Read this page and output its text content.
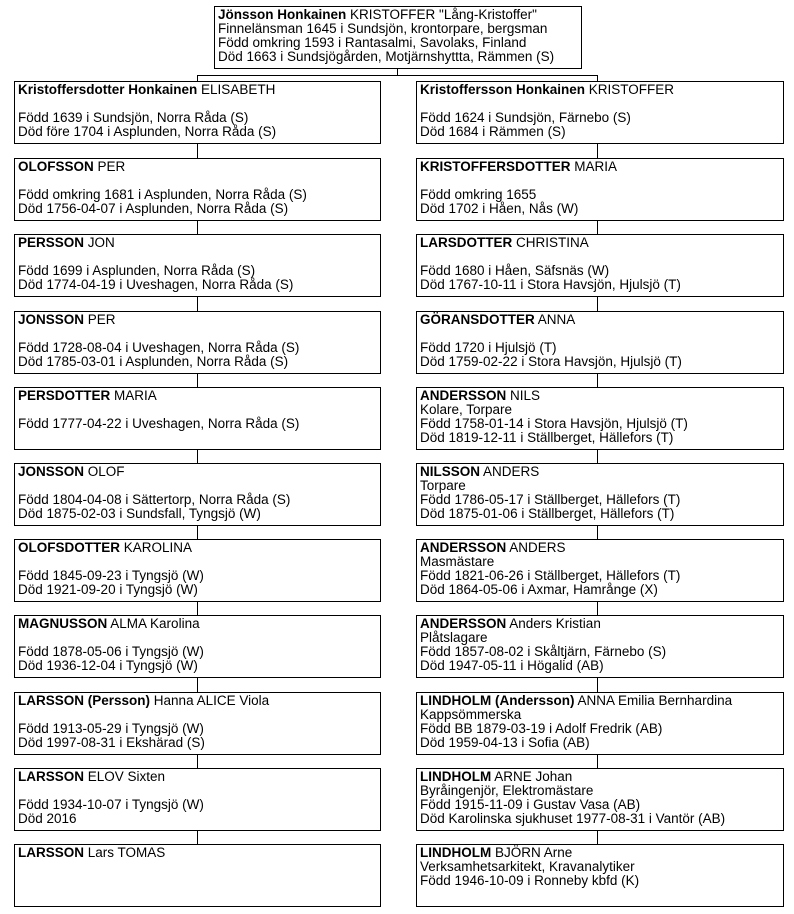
Jönsson Honkainen KRISTOFFER "Lång-Kristoffer"
Finnelänsman 1645 i Sundsjön, krontorpare, bergsman
Född omkring 1593 i Rantasalmi, Savolaks, Finland
Död 1663 i Sundsjögården, Motjärnshyttta, Rämmen (S)
Kristoffersdotter Honkainen ELISABETH
Född 1639 i Sundsjön, Norra Råda (S)
Död före 1704 i Asplunden, Norra Råda (S)
OLOFSSON PER
Född omkring 1681 i Asplunden, Norra Råda (S)
Död 1756-04-07 i Asplunden, Norra Råda (S)
PERSSON JON
Född 1699 i Asplunden, Norra Råda (S)
Död 1774-04-19 i Uveshagen, Norra Råda (S)
JONSSON PER
Född 1728-08-04 i Uveshagen, Norra Råda (S)
Död 1785-03-01 i Asplunden, Norra Råda (S)
PERSDOTTER MARIA
Född 1777-04-22 i Uveshagen, Norra Råda (S)
JONSSON OLOF
Född 1804-04-08 i Sättertorp, Norra Råda (S)
Död 1875-02-03 i Sundsfall, Tyngsjö (W)
OLOFSDOTTER KAROLINA
Född 1845-09-23 i Tyngsjö (W)
Död 1921-09-20 i Tyngsjö (W)
MAGNUSSON ALMA Karolina
Född 1878-05-06 i Tyngsjö (W)
Död 1936-12-04 i Tyngsjö (W)
LARSSON (Persson) Hanna ALICE Viola
Född 1913-05-29 i Tyngsjö (W)
Död 1997-08-31 i Ekshärad (S)
LARSSON ELOV Sixten
Född 1934-10-07 i Tyngsjö (W)
Död 2016
LARSSON Lars TOMAS
Kristoffersson Honkainen KRISTOFFER
Född 1624 i Sundsjön, Färnebo (S)
Död 1684 i Rämmen (S)
KRISTOFFERSDOTTER MARIA
Född omkring 1655
Död 1702 i Håen, Nås (W)
LARSDOTTER CHRISTINA
Född 1680 i Håen, Säfsnäs (W)
Död 1767-10-11 i Stora Havsjön, Hjulsjö (T)
GÖRANSDOTTER ANNA
Född 1720 i Hjulsjö (T)
Död 1759-02-22 i Stora Havsjön, Hjulsjö (T)
ANDERSSON NILS
Kolare, Torpare
Född 1758-01-14 i Stora Havsjön, Hjulsjö (T)
Död 1819-12-11 i Ställberget, Hällefors (T)
NILSSON ANDERS
Torpare
Född 1786-05-17 i Ställberget, Hällefors (T)
Död 1875-01-06 i Ställberget, Hällefors (T)
ANDERSSON ANDERS
Masmästare
Född 1821-06-26 i Ställberget, Hällefors (T)
Död 1864-05-06 i Axmar, Hamrånge (X)
ANDERSSON Anders Kristian
Plåtslagare
Född 1857-08-02 i Skåltjärn, Färnebo (S)
Död 1947-05-11 i Högalid (AB)
LINDHOLM (Andersson) ANNA Emilia Bernhardina
Kappsömmerska
Född BB 1879-03-19 i Adolf Fredrik (AB)
Död 1959-04-13 i Sofia (AB)
LINDHOLM ARNE Johan
Byråingenjör, Elektromästare
Född 1915-11-09 i Gustav Vasa (AB)
Död Karolinska sjukhuset 1977-08-31 i Vantör (AB)
LINDHOLM BJÖRN Arne
Verksamhetsarkitekt, Kravanalytiker
Född 1946-10-09 i Ronneby kbfd (K)
